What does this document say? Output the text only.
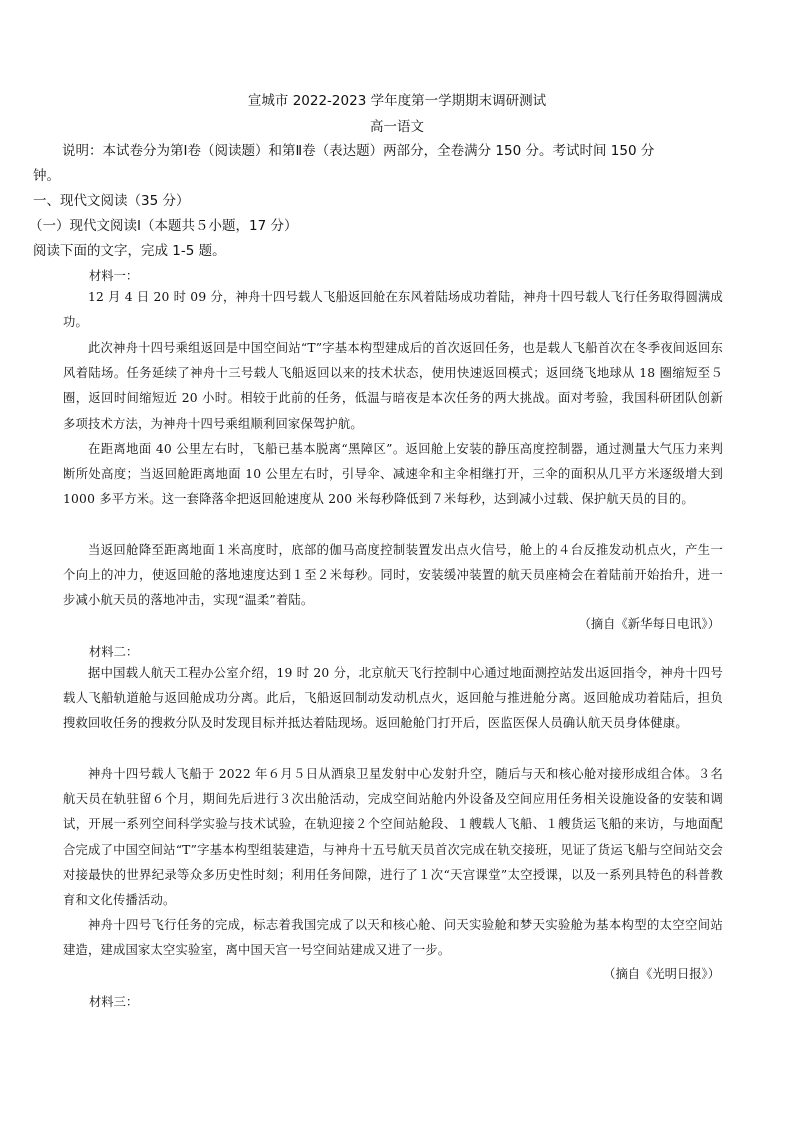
宣城市 2022-2023 学年度第一学期期末调研测试
高一语文
说明：本试卷分为第Ⅰ卷（阅读题）和第Ⅱ卷（表达题）两部分，全卷满分 150 分。考试时间 150 分
钟。
一、现代文阅读（35 分）
（一）现代文阅读Ⅰ（本题共５小题，17 分）
阅读下面的文字，完成 1-5 题。
材料一：
12 月 4 日 20 时 09 分，神舟十四号载人飞船返回舱在东风着陆场成功着陆，神舟十四号载人飞行任务取得圆满成功。
此次神舟十四号乘组返回是中国空间站“T”字基本构型建成后的首次返回任务，也是载人飞船首次在冬季夜间返回东风着陆场。任务延续了神舟十三号载人飞船返回以来的技术状态，使用快速返回模式；返回绕飞地球从 18 圈缩短至５圈，返回时间缩短近 20 小时。相较于此前的任务，低温与暗夜是本次任务的两大挑战。面对考验，我国科研团队创新多项技术方法，为神舟十四号乘组顺利回家保驾护航。
在距离地面 40 公里左右时，飞船已基本脱离“黑障区”。返回舱上安装的静压高度控制器，通过测量大气压力来判断所处高度；当返回舱距离地面 10 公里左右时，引导伞、减速伞和主伞相继打开，三伞的面积从几平方米逐级增大到 1000 多平方米。这一套降落伞把返回舱速度从 200 米每秒降低到７米每秒，达到减小过载、保护航天员的目的。
当返回舱降至距离地面１米高度时，底部的伽马高度控制装置发出点火信号，舱上的４台反推发动机点火，产生一个向上的冲力，使返回舱的落地速度达到１至２米每秒。同时，安装缓冲装置的航天员座椅会在着陆前开始抬升，进一步减小航天员的落地冲击，实现“温柔”着陆。
（摘自《新华每日电讯》）
材料二：
据中国载人航天工程办公室介绍，19 时 20 分，北京航天飞行控制中心通过地面测控站发出返回指令，神舟十四号载人飞船轨道舱与返回舱成功分离。此后，飞船返回制动发动机点火，返回舱与推进舱分离。返回舱成功着陆后，担负搜救回收任务的搜救分队及时发现目标并抵达着陆现场。返回舱舱门打开后，医监医保人员确认航天员身体健康。
神舟十四号载人飞船于 2022 年６月５日从酒泉卫星发射中心发射升空，随后与天和核心舱对接形成组合体。３名航天员在轨驻留６个月，期间先后进行３次出舱活动，完成空间站舱内外设备及空间应用任务相关设施设备的安装和调试，开展一系列空间科学实验与技术试验，在轨迎接２个空间站舱段、１艘载人飞船、１艘货运飞船的来访，与地面配合完成了中国空间站“T”字基本构型组装建造，与神舟十五号航天员首次完成在轨交接班，见证了货运飞船与空间站交会对接最快的世界纪录等众多历史性时刻；利用任务间隙，进行了１次“天宫课堂”太空授课，以及一系列具特色的科普教育和文化传播活动。
神舟十四号飞行任务的完成，标志着我国完成了以天和核心舱、问天实验舱和梦天实验舱为基本构型的太空空间站建造，建成国家太空实验室，离中国天宫一号空间站建成又进了一步。
（摘自《光明日报》）
材料三：
